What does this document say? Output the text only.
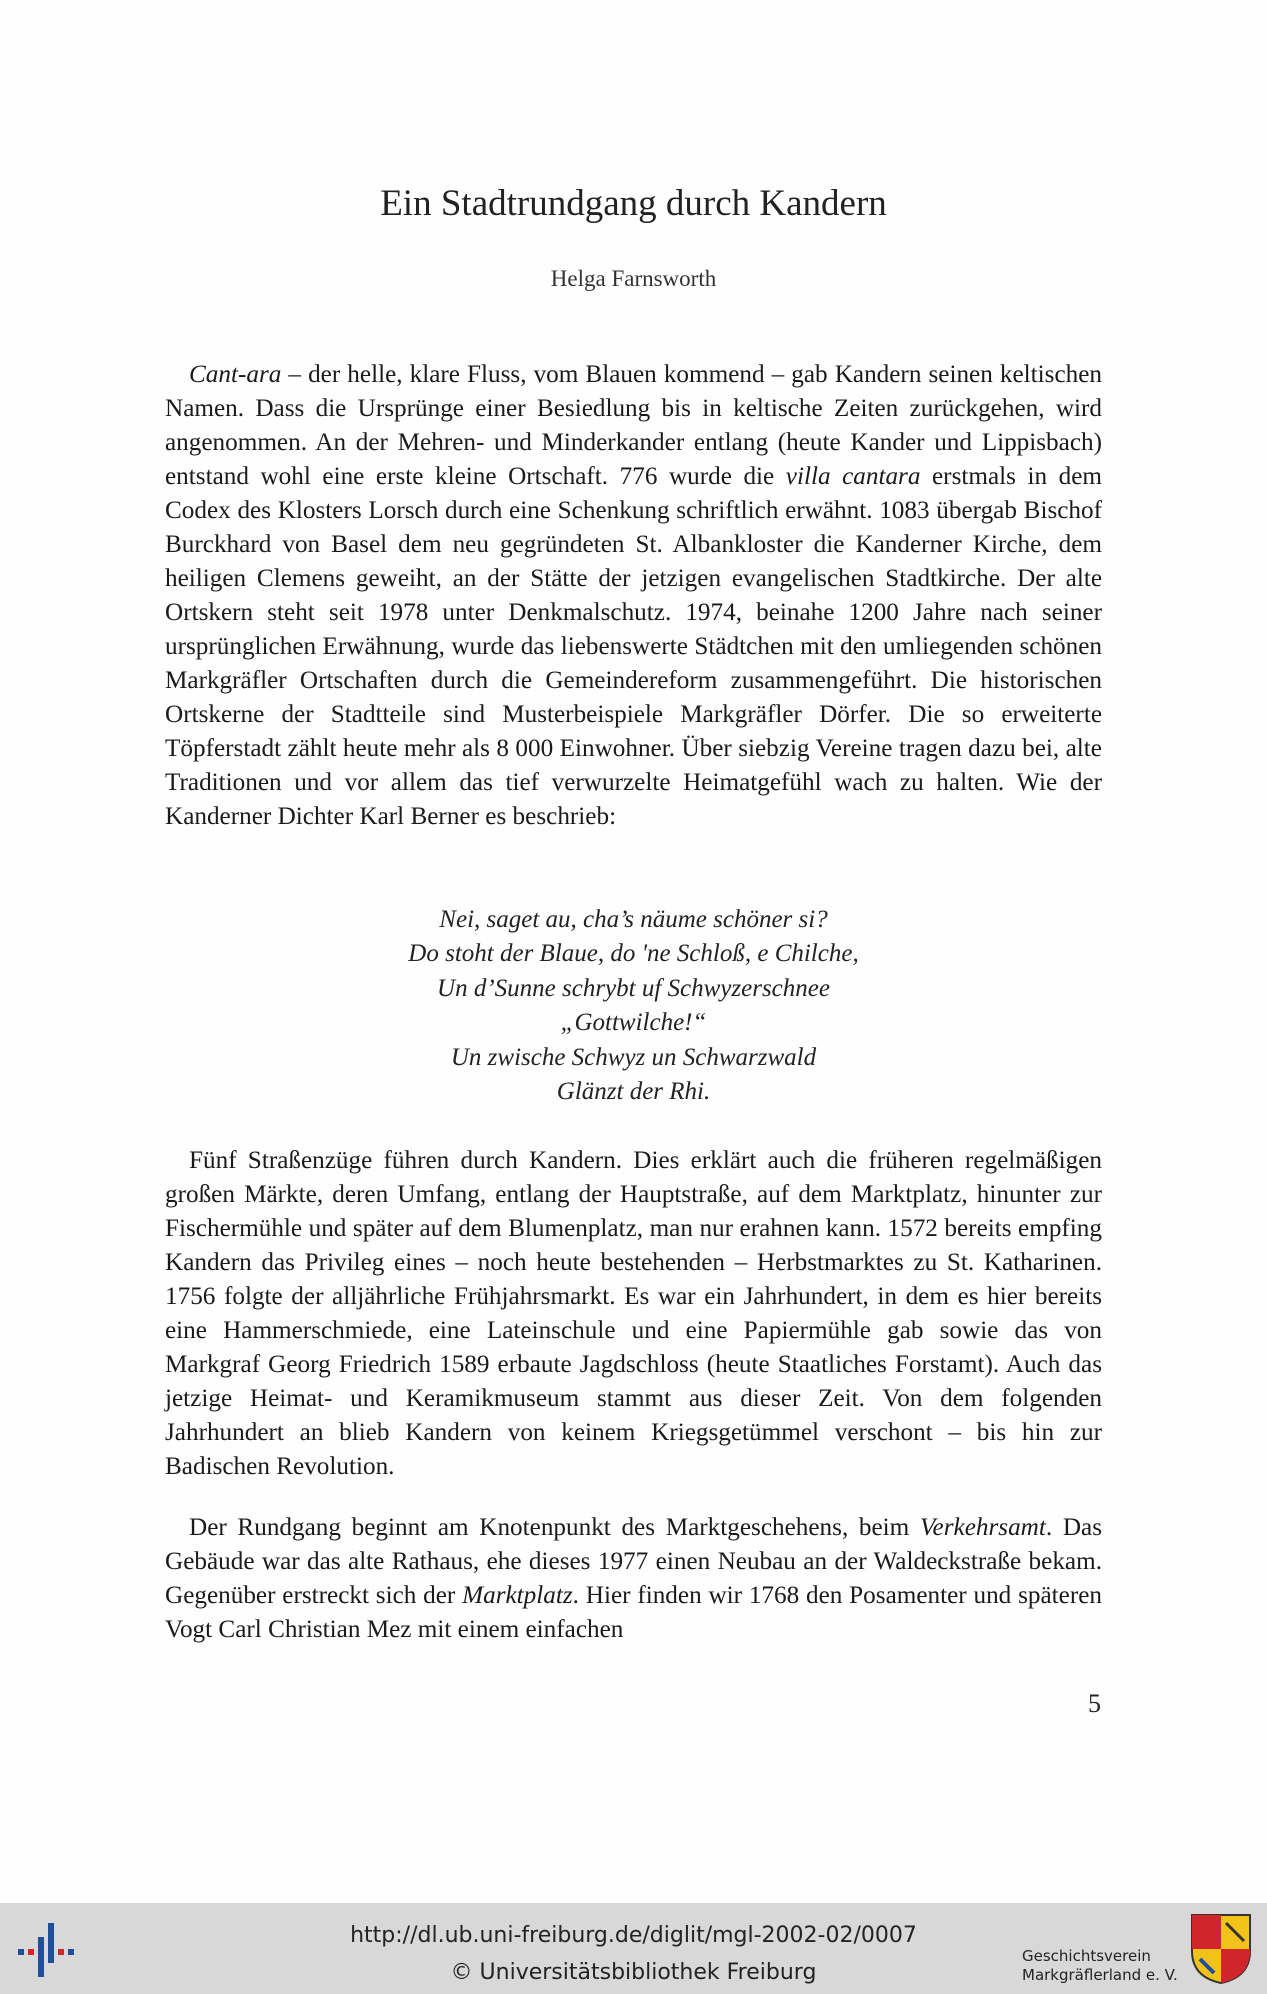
Ein Stadtrundgang durch Kandern
Helga Farnsworth

Cant-ara – der helle, klare Fluss, vom Blauen kommend – gab Kandern seinen keltischen Namen. Dass die Ursprünge einer Besiedlung bis in keltische Zeiten zurückgehen, wird angenommen. An der Mehren- und Minderkander entlang (heute Kander und Lippisbach) entstand wohl eine erste kleine Ortschaft. 776 wurde die villa cantara erstmals in dem Codex des Klosters Lorsch durch eine Schenkung schriftlich erwähnt. 1083 übergab Bischof Burckhard von Basel dem neu gegründeten St. Albankloster die Kanderner Kirche, dem heiligen Clemens geweiht, an der Stätte der jetzigen evangelischen Stadtkirche. Der alte Ortskern steht seit 1978 unter Denkmalschutz. 1974, beinahe 1200 Jahre nach seiner ursprünglichen Erwähnung, wurde das liebenswerte Städtchen mit den umliegenden schönen Markgräfler Ortschaften durch die Gemeindereform zusammengeführt. Die historischen Ortskerne der Stadtteile sind Musterbeispiele Markgräfler Dörfer. Die so erweiterte Töpferstadt zählt heute mehr als 8 000 Einwohner. Über siebzig Vereine tragen dazu bei, alte Traditionen und vor allem das tief verwurzelte Heimatgefühl wach zu halten. Wie der Kanderner Dichter Karl Berner es beschrieb:

Nei, saget au, cha’s näume schöner si?
Do stoht der Blaue, do 'ne Schloß, e Chilche,
Un d’Sunne schrybt uf Schwyzerschnee
„Gottwilche!“
Un zwische Schwyz un Schwarzwald
Glänzt der Rhi.

Fünf Straßenzüge führen durch Kandern. Dies erklärt auch die früheren regelmäßigen großen Märkte, deren Umfang, entlang der Hauptstraße, auf dem Marktplatz, hinunter zur Fischermühle und später auf dem Blumenplatz, man nur erahnen kann. 1572 bereits empfing Kandern das Privileg eines – noch heute bestehenden – Herbstmarktes zu St. Katharinen. 1756 folgte der alljährliche Frühjahrsmarkt. Es war ein Jahrhundert, in dem es hier bereits eine Hammerschmiede, eine Lateinschule und eine Papiermühle gab sowie das von Markgraf Georg Friedrich 1589 erbaute Jagdschloss (heute Staatliches Forstamt). Auch das jetzige Heimat- und Keramikmuseum stammt aus dieser Zeit. Von dem folgenden Jahrhundert an blieb Kandern von keinem Kriegsgetümmel verschont – bis hin zur Badischen Revolution.

Der Rundgang beginnt am Knotenpunkt des Marktgeschehens, beim Verkehrsamt. Das Gebäude war das alte Rathaus, ehe dieses 1977 einen Neubau an der Waldeckstraße bekam. Gegenüber erstreckt sich der Marktplatz. Hier finden wir 1768 den Posamenter und späteren Vogt Carl Christian Mez mit einem einfachen

5
http://dl.ub.uni-freiburg.de/diglit/mgl-2002-02/0007
© Universitätsbibliothek Freiburg
Geschichtsverein
Markgräflerland e. V.
